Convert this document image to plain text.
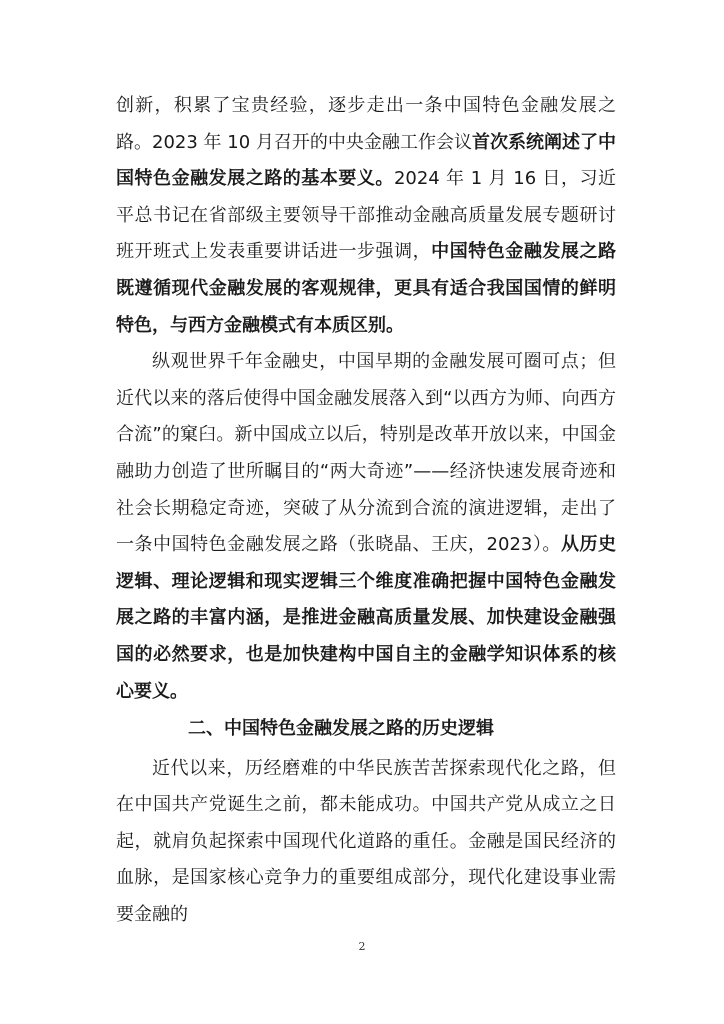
创新，积累了宝贵经验，逐步走出一条中国特色金融发展之路。2023 年 10 月召开的中央金融工作会议首次系统阐述了中国特色金融发展之路的基本要义。2024 年 1 月 16 日，习近平总书记在省部级主要领导干部推动金融高质量发展专题研讨班开班式上发表重要讲话进一步强调，中国特色金融发展之路既遵循现代金融发展的客观规律，更具有适合我国国情的鲜明特色，与西方金融模式有本质区别。

纵观世界千年金融史，中国早期的金融发展可圈可点；但近代以来的落后使得中国金融发展落入到“以西方为师、向西方合流”的窠臼。新中国成立以后，特别是改革开放以来，中国金融助力创造了世所瞩目的“两大奇迹”——经济快速发展奇迹和社会长期稳定奇迹，突破了从分流到合流的演进逻辑，走出了一条中国特色金融发展之路（张晓晶、王庆，2023）。从历史逻辑、理论逻辑和现实逻辑三个维度准确把握中国特色金融发展之路的丰富内涵，是推进金融高质量发展、加快建设金融强国的必然要求，也是加快建构中国自主的金融学知识体系的核心要义。

二、中国特色金融发展之路的历史逻辑

近代以来，历经磨难的中华民族苦苦探索现代化之路，但在中国共产党诞生之前，都未能成功。中国共产党从成立之日起，就肩负起探索中国现代化道路的重任。金融是国民经济的血脉，是国家核心竞争力的重要组成部分，现代化建设事业需要金融的

2
